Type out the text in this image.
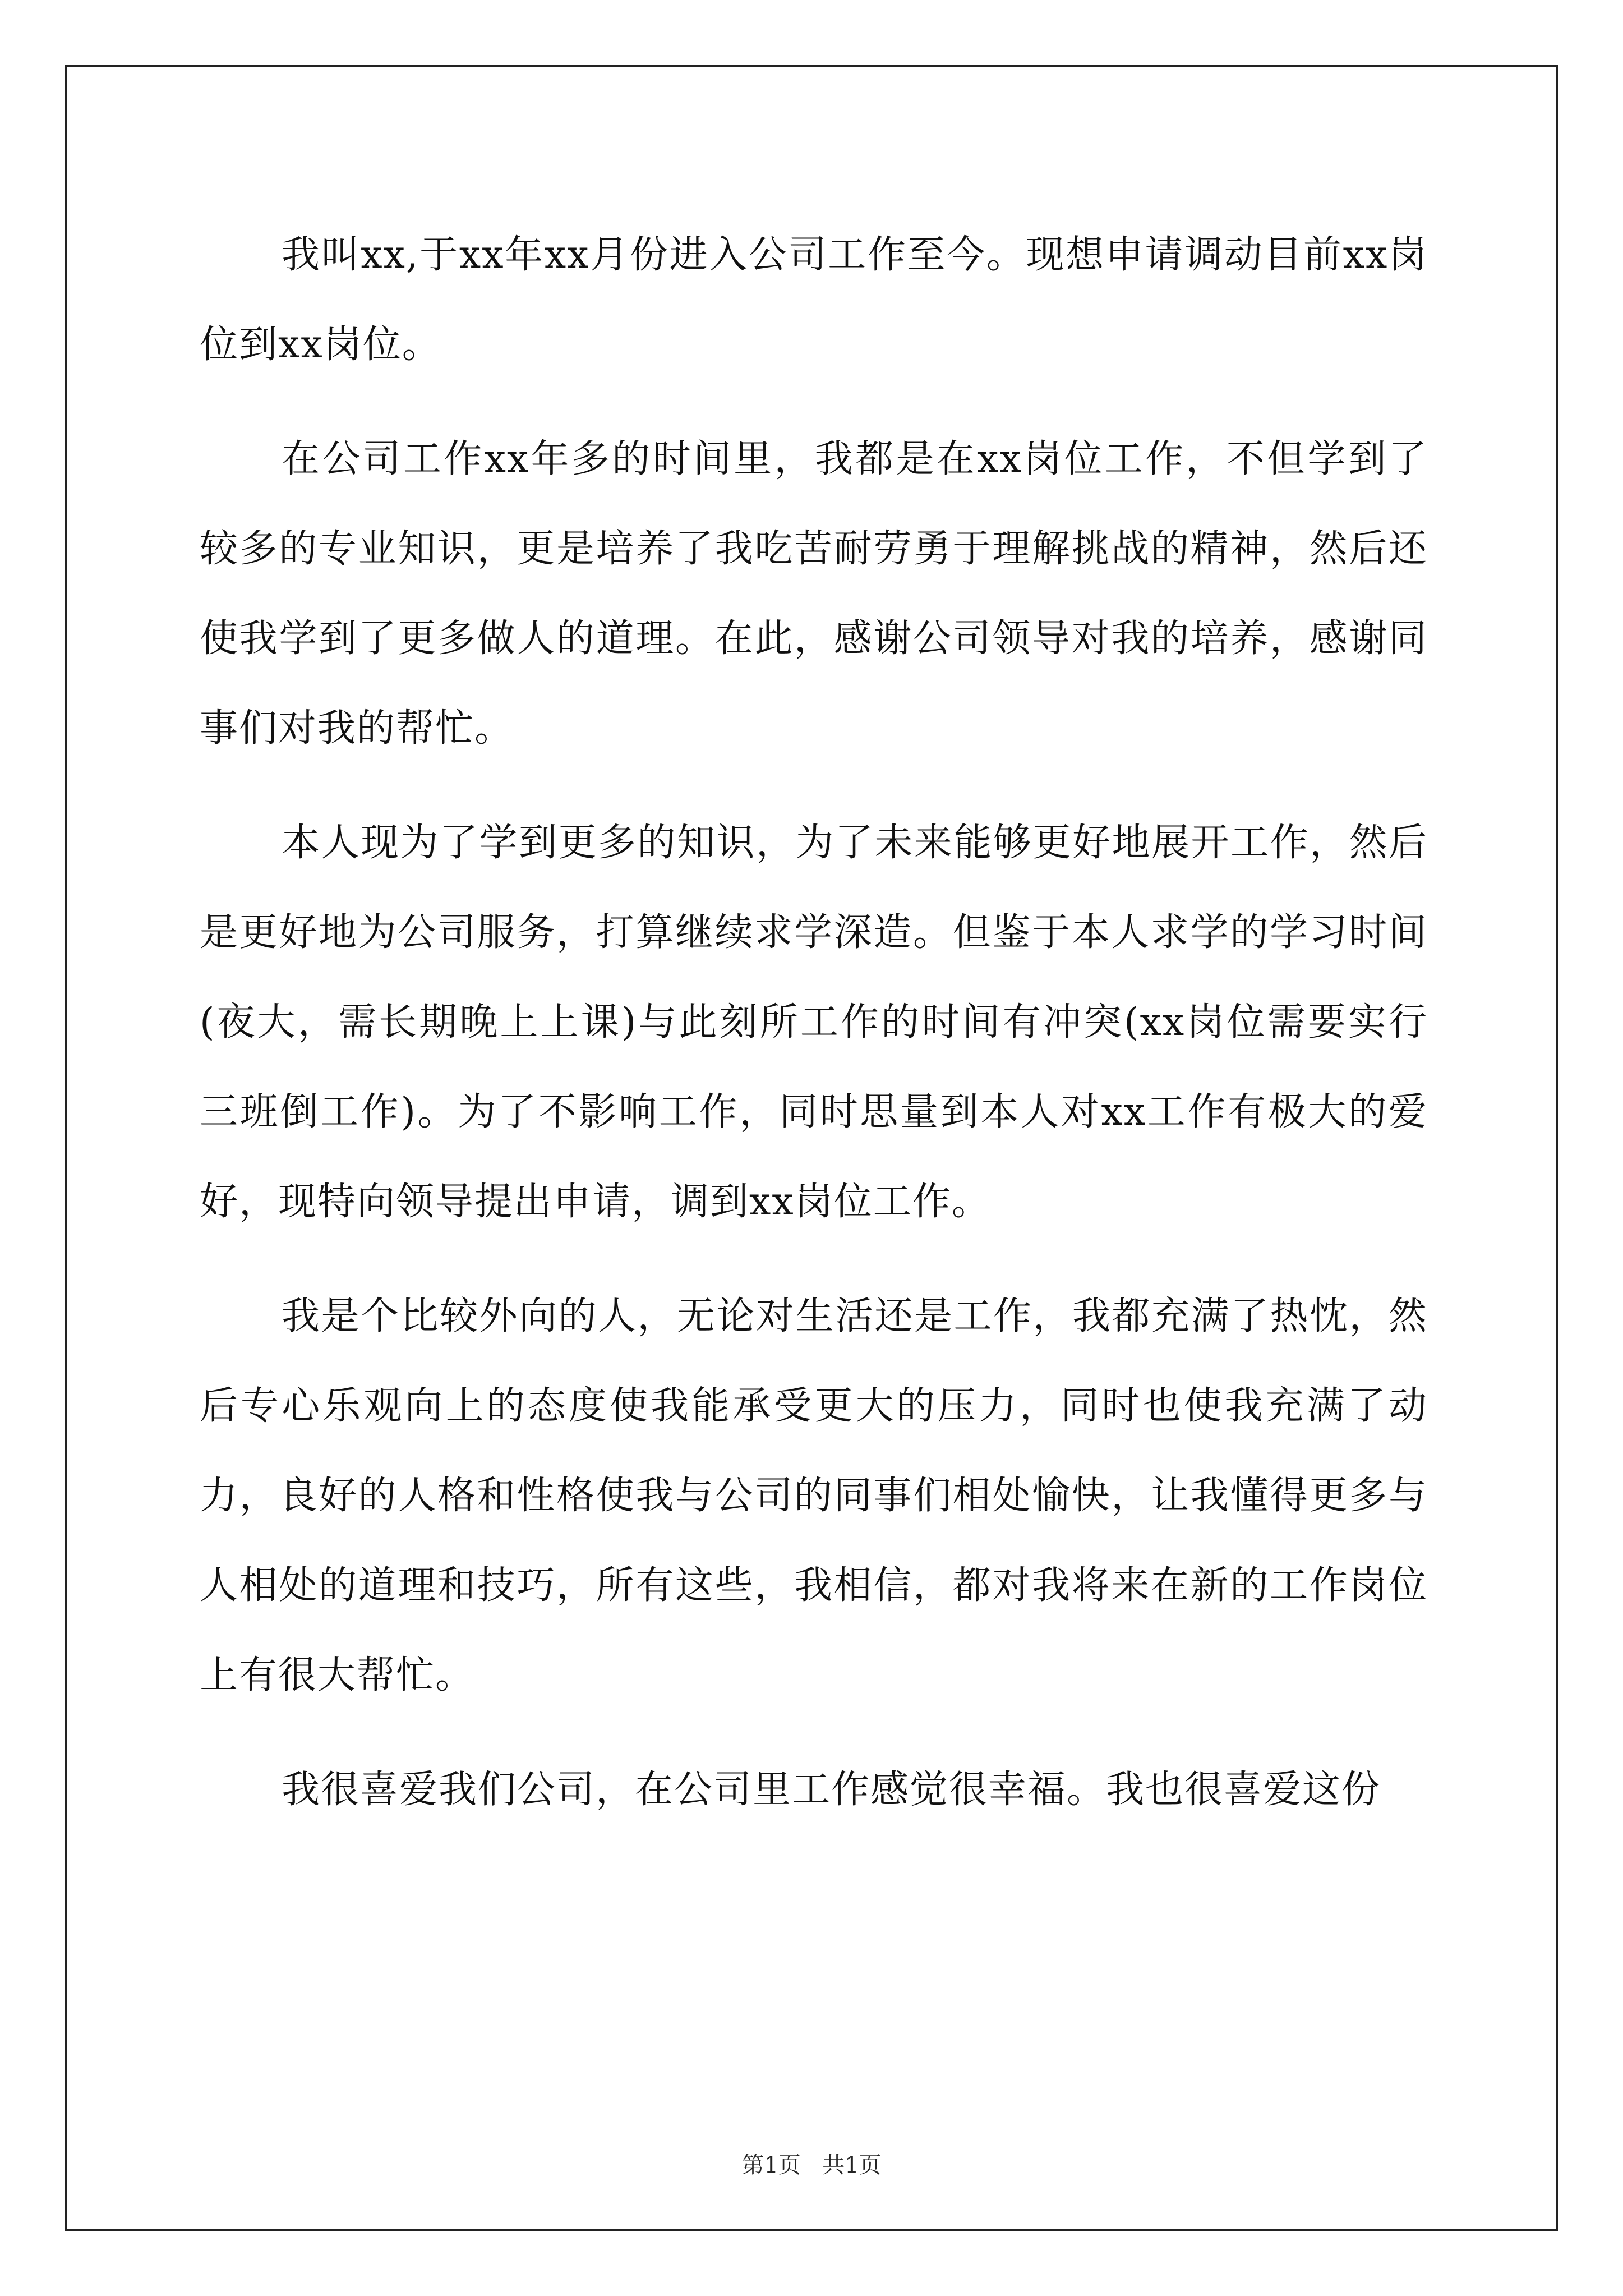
我叫xx,于xx年xx月份进入公司工作至今。现想申请调动目前xx岗位到xx岗位。

在公司工作xx年多的时间里，我都是在xx岗位工作，不但学到了较多的专业知识，更是培养了我吃苦耐劳勇于理解挑战的精神，然后还使我学到了更多做人的道理。在此，感谢公司领导对我的培养，感谢同事们对我的帮忙。

本人现为了学到更多的知识，为了未来能够更好地展开工作，然后是更好地为公司服务，打算继续求学深造。但鉴于本人求学的学习时间(夜大，需长期晚上上课)与此刻所工作的时间有冲突(xx岗位需要实行三班倒工作)。为了不影响工作，同时思量到本人对xx工作有极大的爱好，现特向领导提出申请，调到xx岗位工作。

我是个比较外向的人，无论对生活还是工作，我都充满了热忱，然后专心乐观向上的态度使我能承受更大的压力，同时也使我充满了动力，良好的人格和性格使我与公司的同事们相处愉快，让我懂得更多与人相处的道理和技巧，所有这些，我相信，都对我将来在新的工作岗位上有很大帮忙。

我很喜爱我们公司，在公司里工作感觉很幸福。我也很喜爱这份

第1页 共1页
